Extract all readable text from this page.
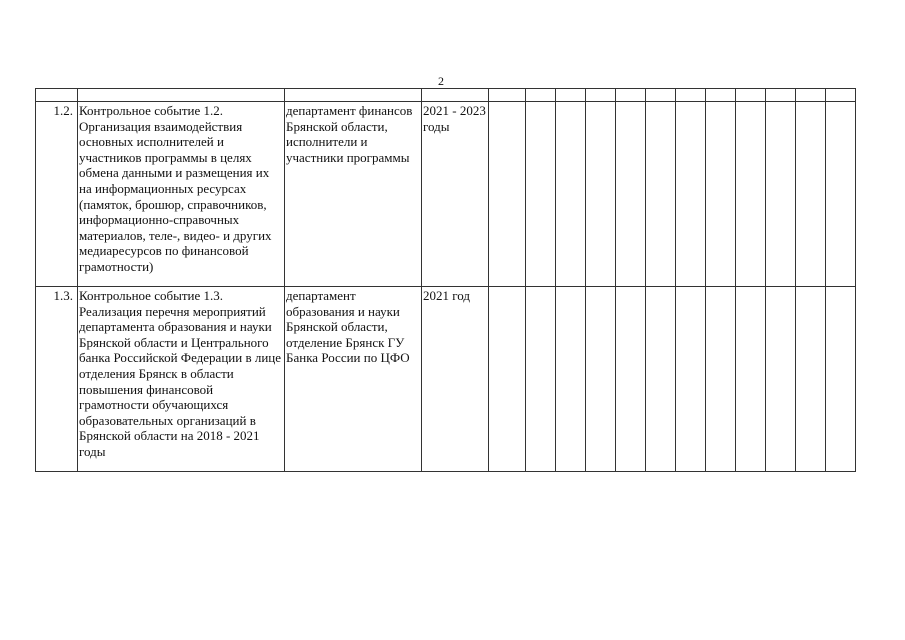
2

1.2.	Контрольное событие 1.2. Организация взаимодействия основных исполнителей и участников программы в целях обмена данными и размещения их на информационных ресурсах (памяток, брошюр, справочников, информационно-справочных материалов, теле-, видео- и других медиаресурсов по финансовой грамотности)	департамент финансов Брянской области, исполнители и участники программы	2021 - 2023 годы												
1.3.	Контрольное событие 1.3. Реализация перечня мероприятий департамента образования и науки Брянской области и Центрального банка Российской Федерации в лице отделения Брянск в области повышения финансовой грамотности обучающихся образовательных организаций в Брянской области на 2018 - 2021 годы	департамент образования и науки Брянской области, отделение Брянск ГУ Банка России по ЦФО	2021 год												
